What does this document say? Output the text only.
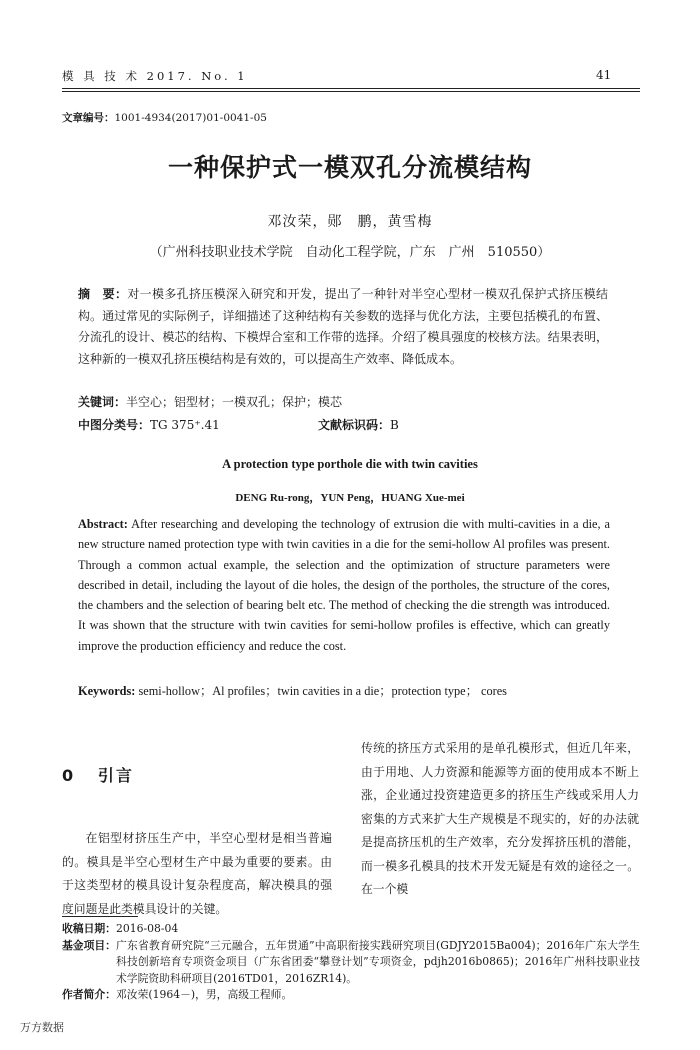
模 具 技 术 2017. No. 1	41
文章编号：1001-4934(2017)01-0041-05
一种保护式一模双孔分流模结构
邓汝荣，郧　鹏，黄雪梅
（广州科技职业技术学院　自动化工程学院，广东　广州　510550）
摘　要：对一模多孔挤压模深入研究和开发，提出了一种针对半空心型材一模双孔保护式挤压模结构。通过常见的实际例子，详细描述了这种结构有关参数的选择与优化方法，主要包括模孔的布置、分流孔的设计、模芯的结构、下模焊合室和工作带的选择。介绍了模具强度的校核方法。结果表明，这种新的一模双孔挤压模结构是有效的，可以提高生产效率、降低成本。
关键词：半空心；铝型材；一模双孔；保护；模芯
中图分类号：TG 375⁺.41	文献标识码：B
A protection type porthole die with twin cavities
DENG Ru-rong，YUN Peng，HUANG Xue-mei
Abstract: After researching and developing the technology of extrusion die with multi-cavities in a die, a new structure named protection type with twin cavities in a die for the semi-hollow Al profiles was present. Through a common actual example, the selection and the optimization of structure parameters were described in detail, including the layout of die holes, the design of the portholes, the structure of the cores, the chambers and the selection of bearing belt etc. The method of checking the die strength was introduced. It was shown that the structure with twin cavities for semi-hollow profiles is effective, which can greatly improve the production efficiency and reduce the cost.
Keywords: semi-hollow；Al profiles；twin cavities in a die；protection type； cores
0 引言

在铝型材挤压生产中，半空心型材是相当普遍的。模具是半空心型材生产中最为重要的要素。由于这类型材的模具设计复杂程度高，解决模具的强度问题是此类模具设计的关键。

传统的挤压方式采用的是单孔模形式，但近几年来，由于用地、人力资源和能源等方面的使用成本不断上涨，企业通过投资建造更多的挤压生产线或采用人力密集的方式来扩大生产规模是不现实的，好的办法就是提高挤压机的生产效率，充分发挥挤压机的潜能，而一模多孔模具的技术开发无疑是有效的途径之一。在一个模

收稿日期： 2016-08-04
基金项目： 广东省教育研究院“三元融合，五年贯通”中高职衔接实践研究项目(GDJY2015Ba004)；2016年广东大学生科技创新培育专项资金项目（广东省团委“攀登计划”专项资金，pdjh2016b0865)；2016年广州科技职业技术学院资助科研项目(2016TD01，2016ZR14)。
作者简介： 邓汝荣(1964－)，男，高级工程师。
万方数据
